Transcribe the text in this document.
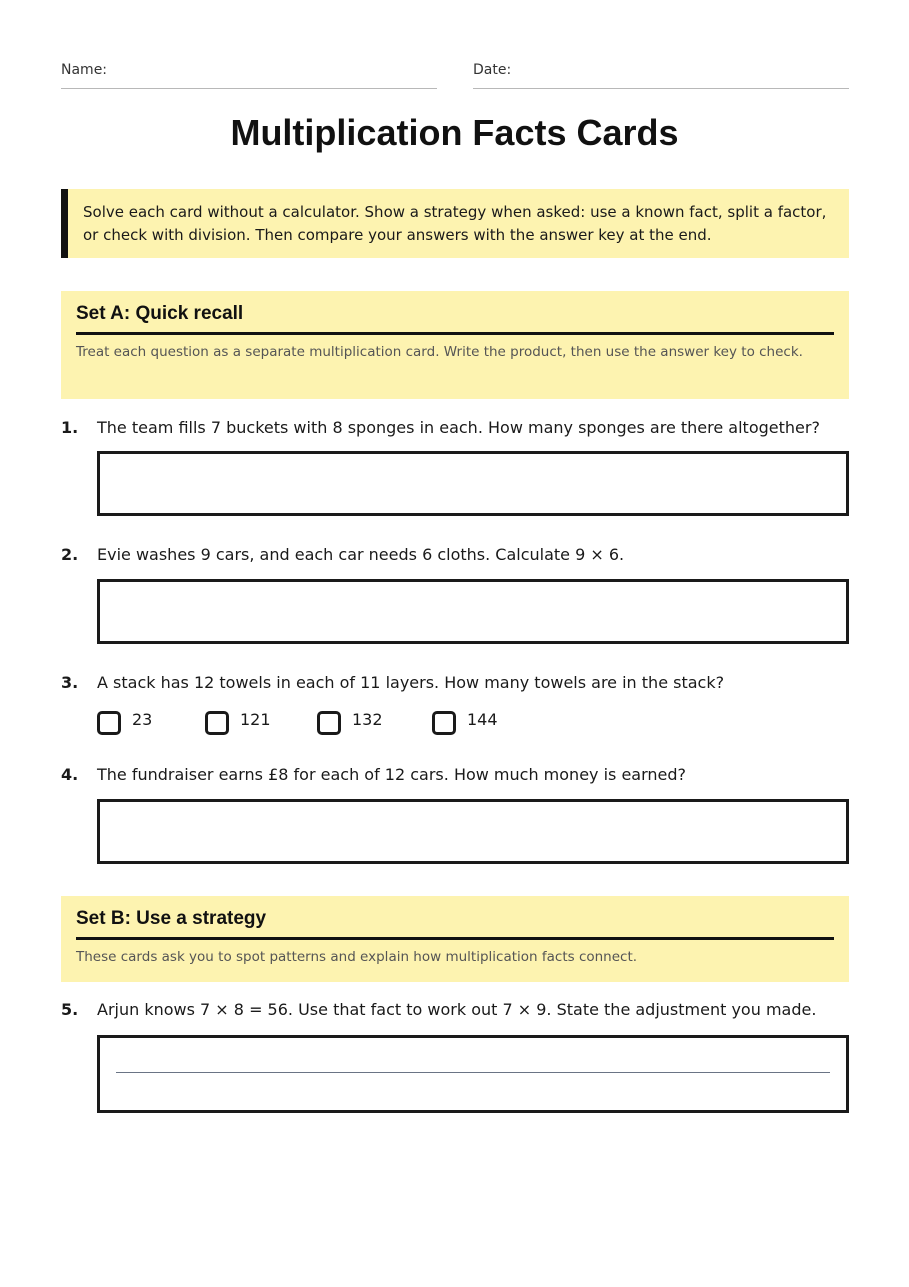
Name:	Date:
Multiplication Facts Cards
Solve each card without a calculator. Show a strategy when asked: use a known fact, split a factor, or check with division. Then compare your answers with the answer key at the end.
Set A: Quick recall
Treat each question as a separate multiplication card. Write the product, then use the answer key to check.
1. The team fills 7 buckets with 8 sponges in each. How many sponges are there altogether?
2. Evie washes 9 cars, and each car needs 6 cloths. Calculate 9 × 6.
3. A stack has 12 towels in each of 11 layers. How many towels are in the stack?
23	121	132	144
4. The fundraiser earns £8 for each of 12 cars. How much money is earned?
Set B: Use a strategy
These cards ask you to spot patterns and explain how multiplication facts connect.
5. Arjun knows 7 × 8 = 56. Use that fact to work out 7 × 9. State the adjustment you made.
